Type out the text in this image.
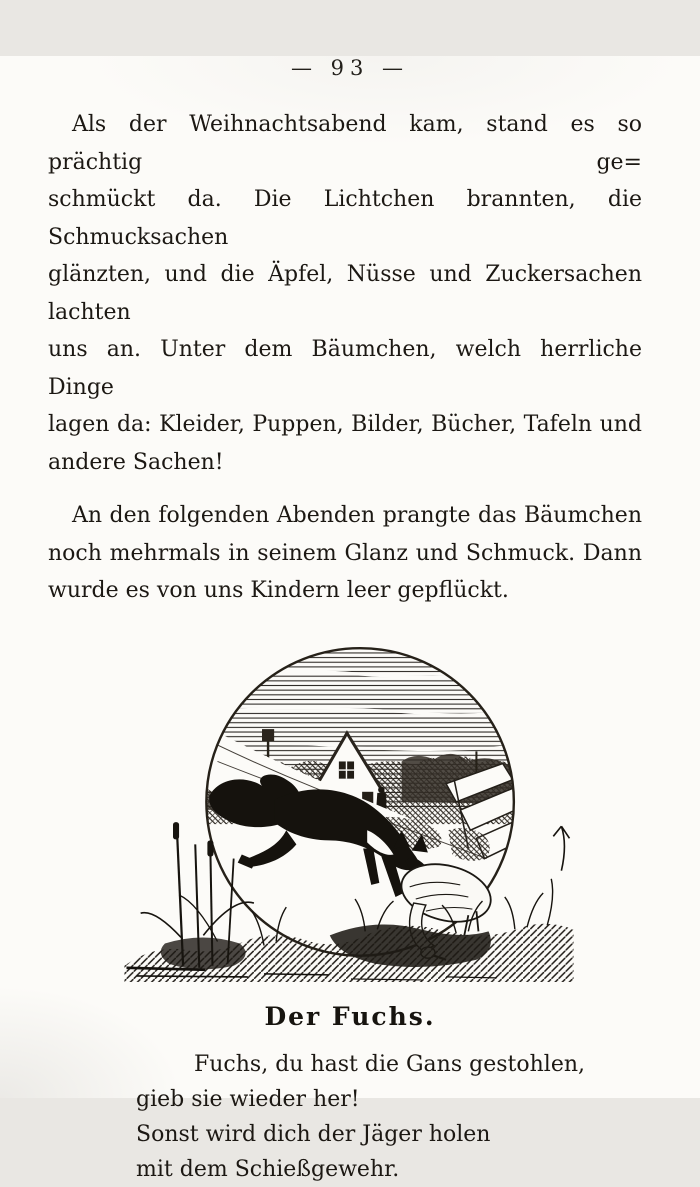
— 93 —
Als der Weihnachtsabend kam, stand es so prächtig ge=
schmückt da. Die Lichtchen brannten, die Schmucksachen
glänzten, und die Äpfel, Nüsse und Zuckersachen lachten
uns an. Unter dem Bäumchen, welch herrliche Dinge
lagen da: Kleider, Puppen, Bilder, Bücher, Tafeln und
andere Sachen!
An den folgenden Abenden prangte das Bäumchen
noch mehrmals in seinem Glanz und Schmuck. Dann
wurde es von uns Kindern leer gepflückt.
Der Fuchs.
Fuchs, du hast die Gans gestohlen,
gieb sie wieder her!
Sonst wird dich der Jäger holen
mit dem Schießgewehr.
